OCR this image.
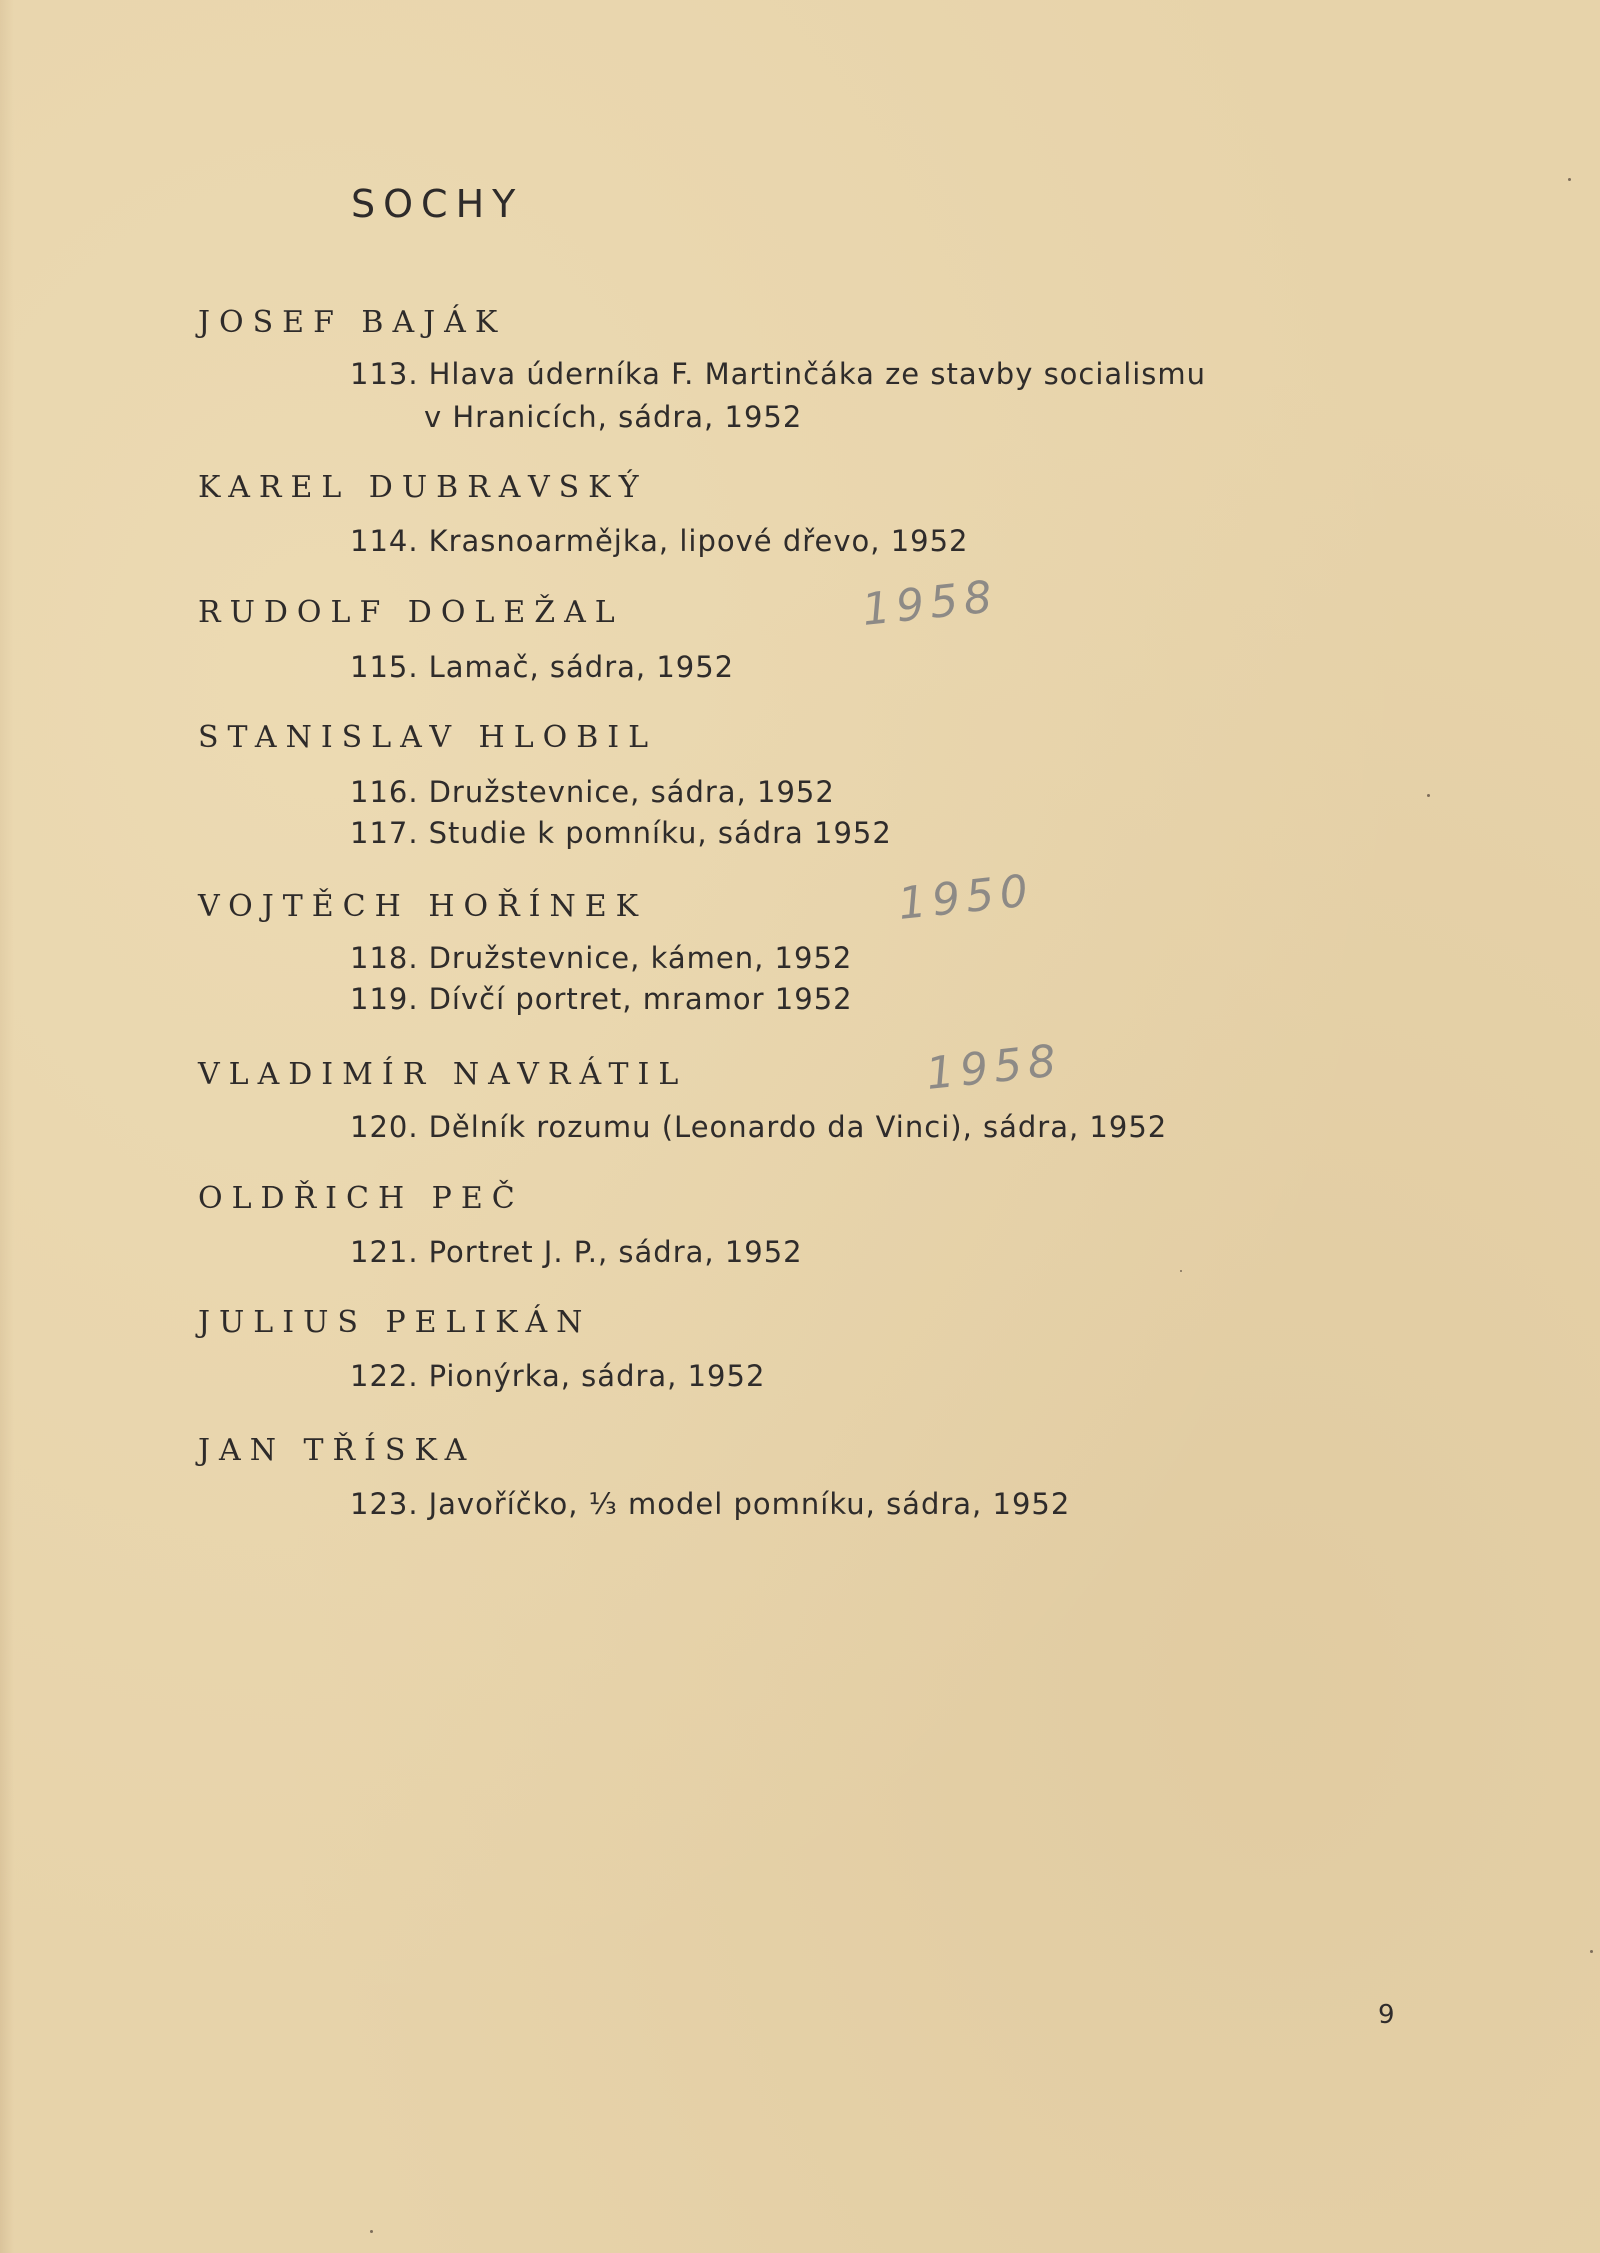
SOCHY
JOSEF BAJÁK
113. Hlava úderníka F. Martinčáka ze stavby socialismu
v Hranicích, sádra, 1952
KAREL DUBRAVSKÝ
114. Krasnoarmějka, lipové dřevo, 1952
RUDOLF DOLEŽAL	1958
115. Lamač, sádra, 1952
STANISLAV HLOBIL
116. Družstevnice, sádra, 1952
117. Studie k pomníku, sádra 1952
VOJTĚCH HOŘÍNEK	1950
118. Družstevnice, kámen, 1952
119. Dívčí portret, mramor 1952
VLADIMÍR NAVRÁTIL	1958
120. Dělník rozumu (Leonardo da Vinci), sádra, 1952
OLDŘICH PEČ
121. Portret J. P., sádra, 1952
JULIUS PELIKÁN
122. Pionýrka, sádra, 1952
JAN TŘÍSKA
123. Javoříčko, ⅓ model pomníku, sádra, 1952
9
